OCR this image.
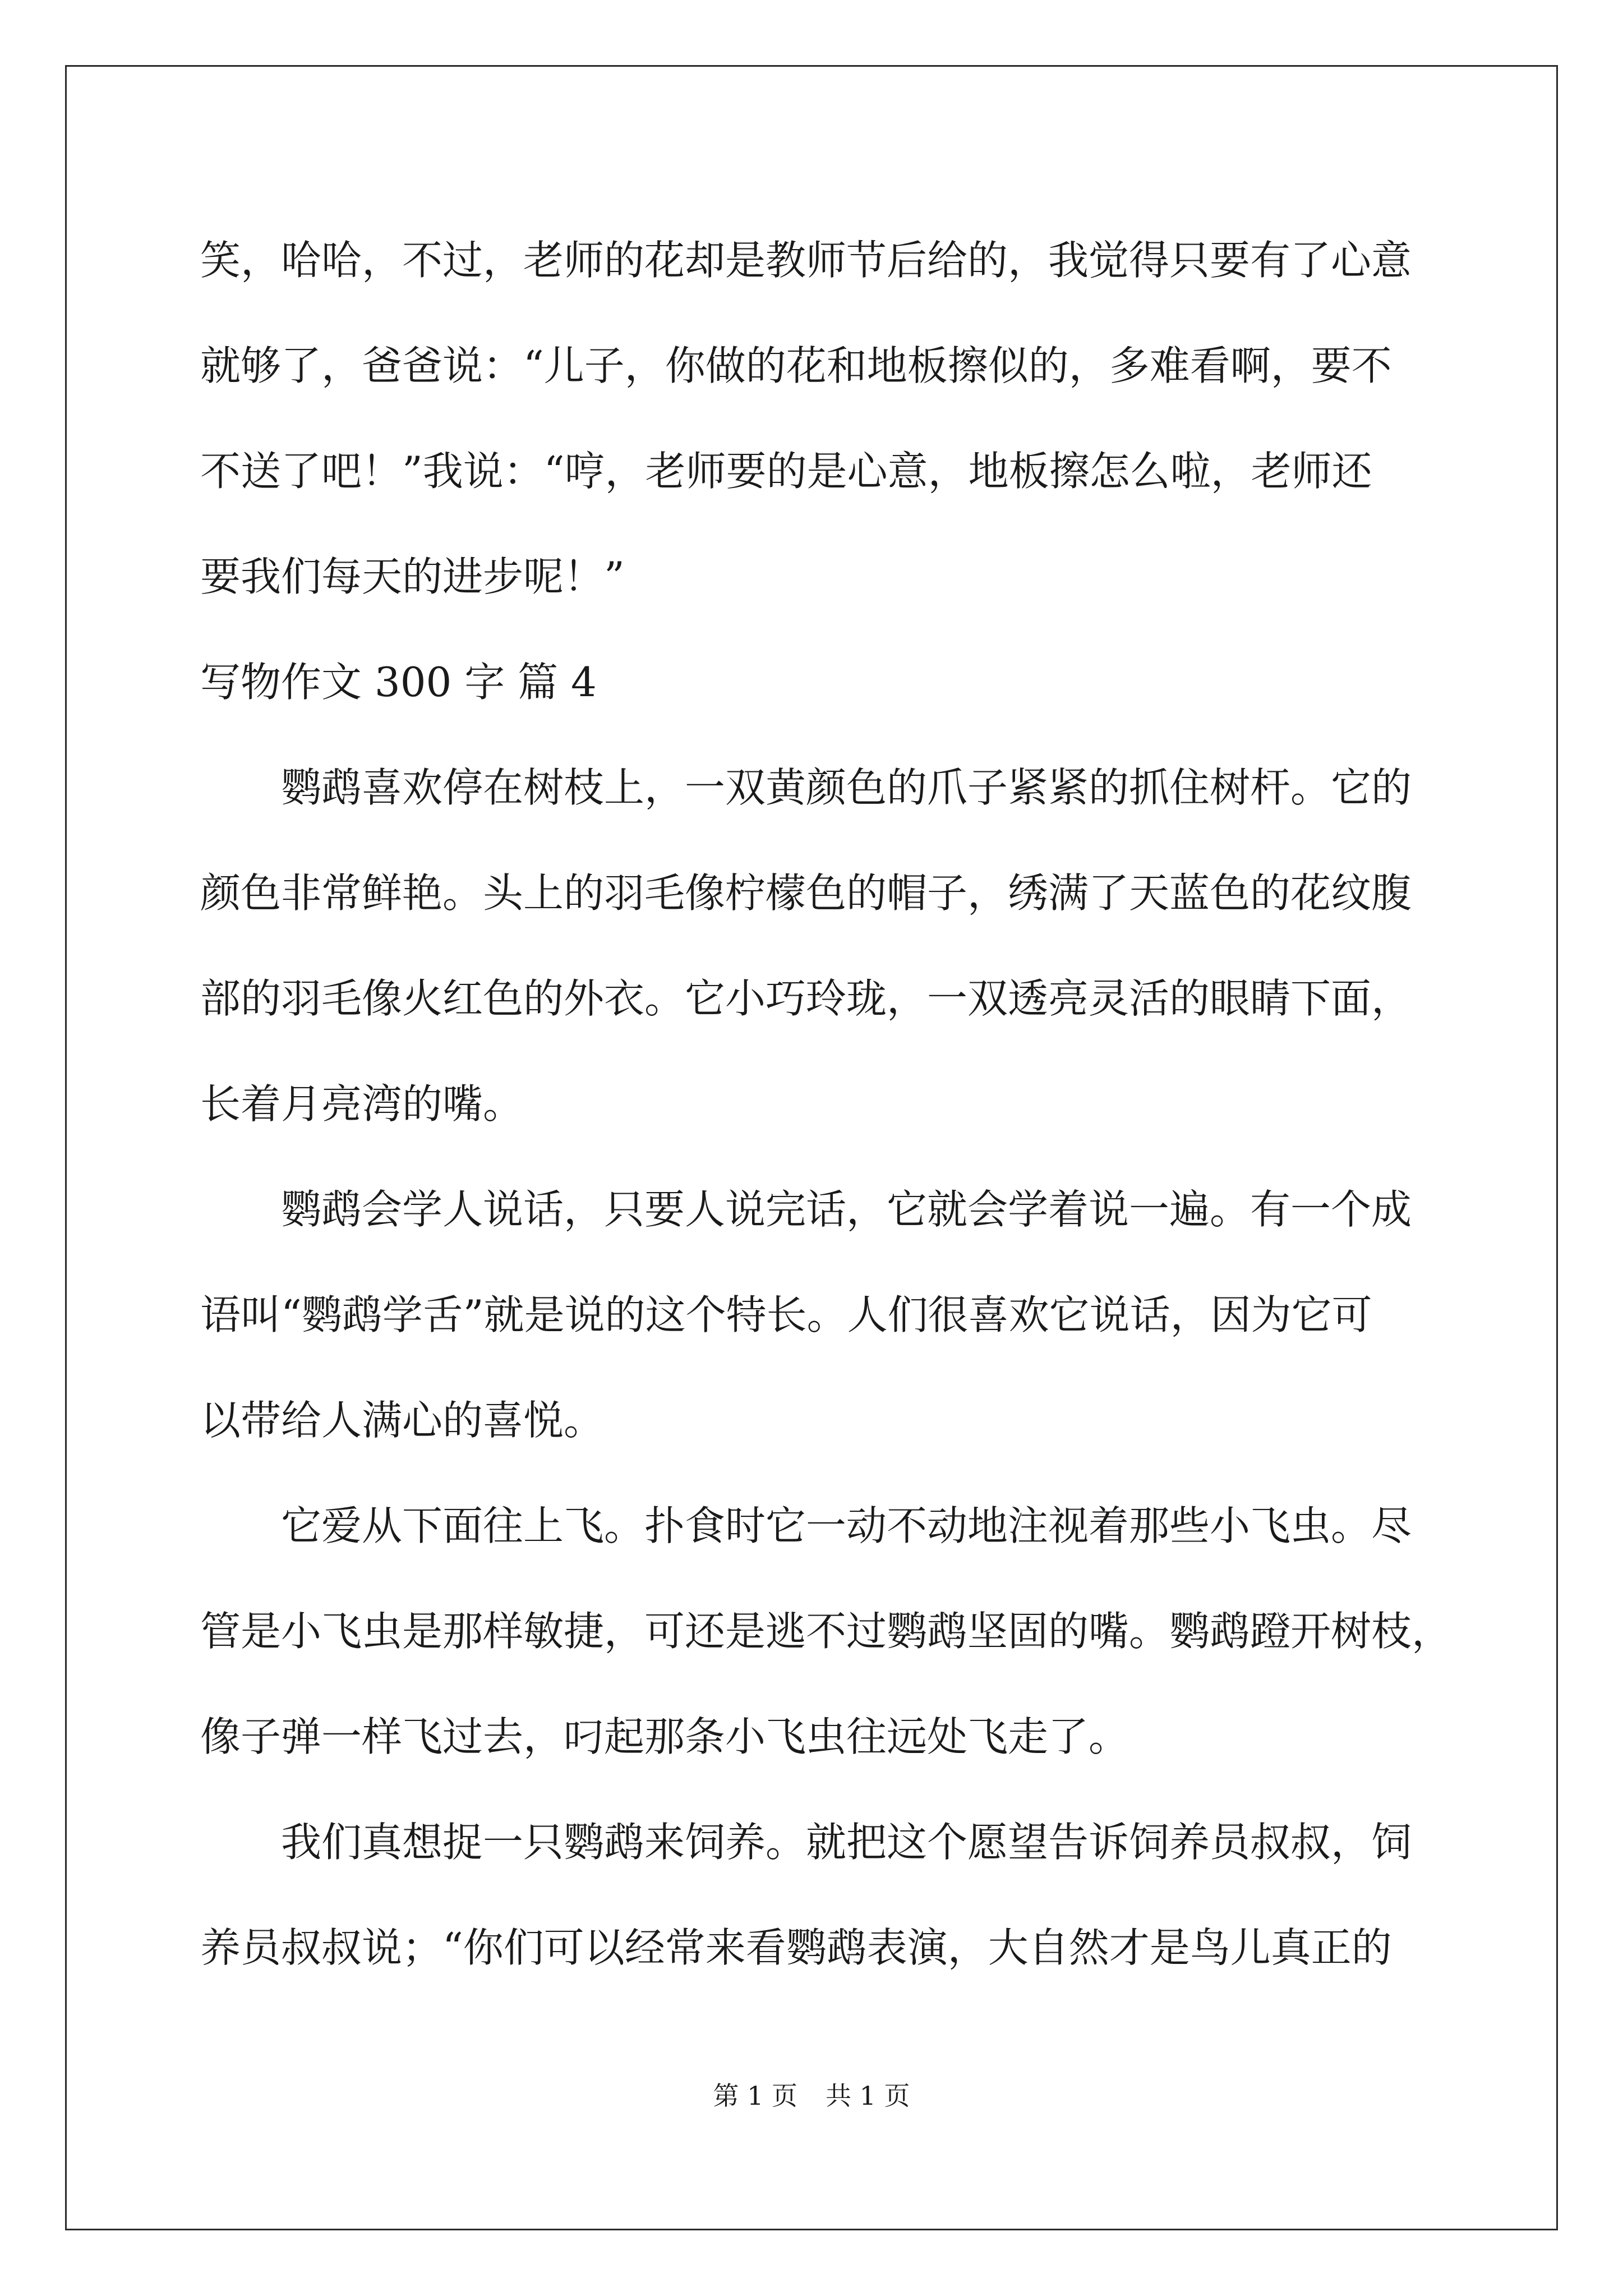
笑，哈哈，不过，老师的花却是教师节后给的，我觉得只要有了心意

就够了，爸爸说：“儿子，你做的花和地板擦似的，多难看啊，要不

不送了吧！”我说：“哼，老师要的是心意，地板擦怎么啦，老师还

要我们每天的进步呢！”

写物作文 300 字 篇 4

　　鹦鹉喜欢停在树枝上，一双黄颜色的爪子紧紧的抓住树杆。它的

颜色非常鲜艳。头上的羽毛像柠檬色的帽子，绣满了天蓝色的花纹腹

部的羽毛像火红色的外衣。它小巧玲珑，一双透亮灵活的眼睛下面，

长着月亮湾的嘴。

　　鹦鹉会学人说话，只要人说完话，它就会学着说一遍。有一个成

语叫“鹦鹉学舌”就是说的这个特长。人们很喜欢它说话，因为它可

以带给人满心的喜悦。

　　它爱从下面往上飞。扑食时它一动不动地注视着那些小飞虫。尽

管是小飞虫是那样敏捷，可还是逃不过鹦鹉坚固的嘴。鹦鹉蹬开树枝，

像子弹一样飞过去，叼起那条小飞虫往远处飞走了。

　　我们真想捉一只鹦鹉来饲养。就把这个愿望告诉饲养员叔叔，饲

养员叔叔说；“你们可以经常来看鹦鹉表演，大自然才是鸟儿真正的

第 1 页 共 1 页
